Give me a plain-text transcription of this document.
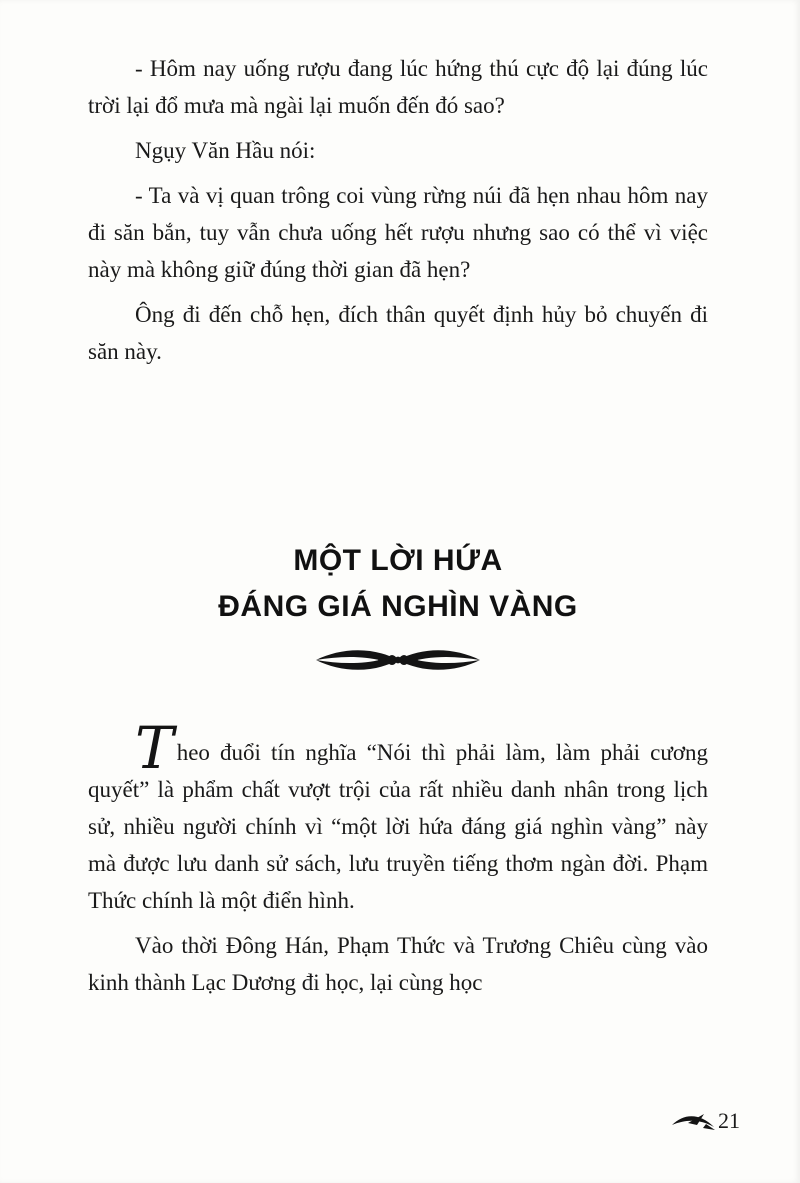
- Hôm nay uống rượu đang lúc hứng thú cực độ lại đúng lúc trời lại đổ mưa mà ngài lại muốn đến đó sao?

Ngụy Văn Hầu nói:

- Ta và vị quan trông coi vùng rừng núi đã hẹn nhau hôm nay đi săn bắn, tuy vẫn chưa uống hết rượu nhưng sao có thể vì việc này mà không giữ đúng thời gian đã hẹn?

Ông đi đến chỗ hẹn, đích thân quyết định hủy bỏ chuyến đi săn này.

MỘT LỜI HỨA
ĐÁNG GIÁ NGHÌN VÀNG

Theo đuổi tín nghĩa “Nói thì phải làm, làm phải cương quyết” là phẩm chất vượt trội của rất nhiều danh nhân trong lịch sử, nhiều người chính vì “một lời hứa đáng giá nghìn vàng” này mà được lưu danh sử sách, lưu truyền tiếng thơm ngàn đời. Phạm Thức chính là một điển hình.

Vào thời Đông Hán, Phạm Thức và Trương Chiêu cùng vào kinh thành Lạc Dương đi học, lại cùng học

21
